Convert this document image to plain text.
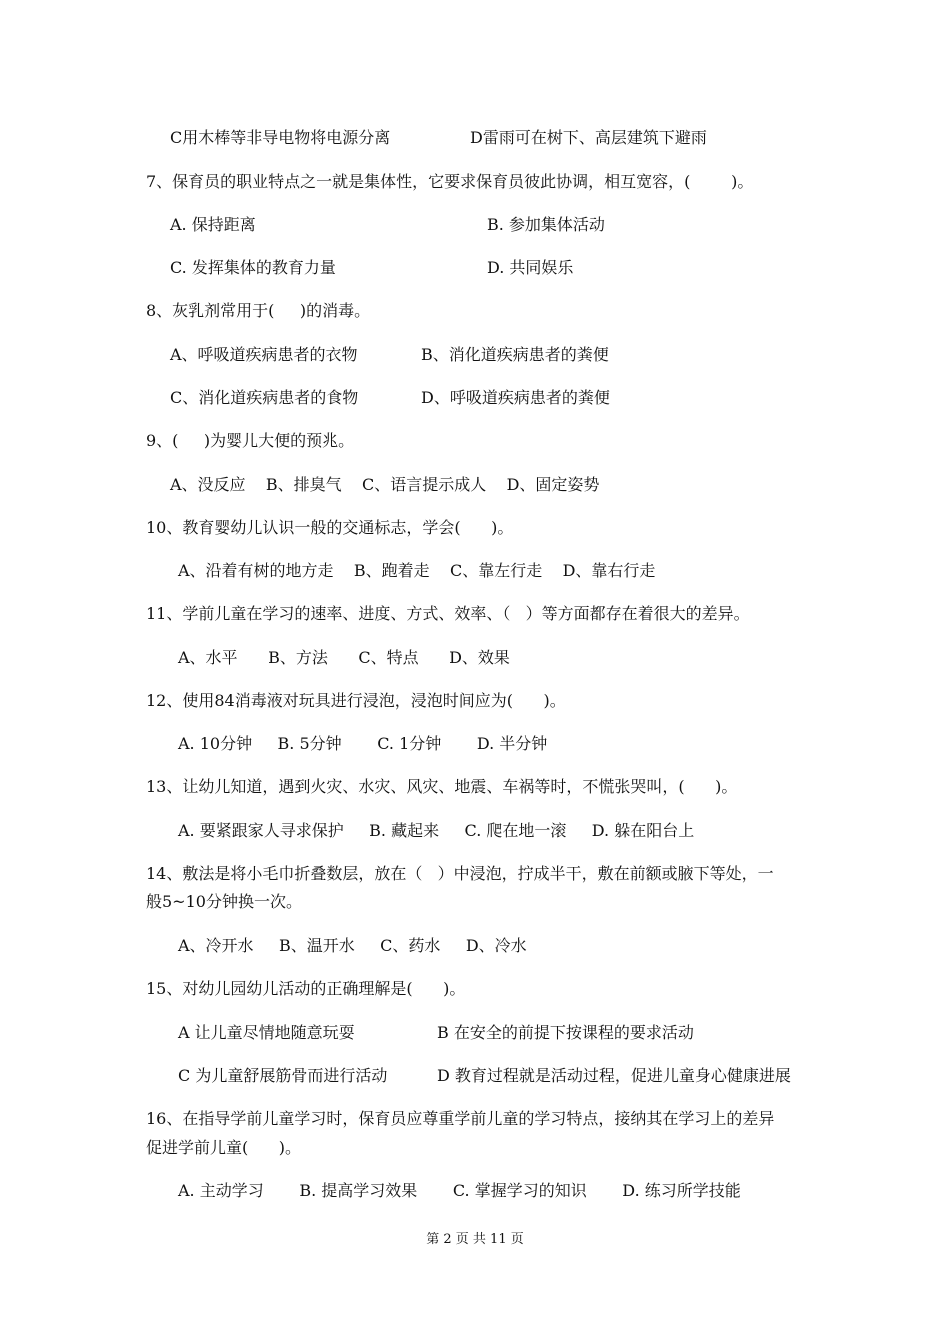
C用木棒等非导电物将电源分离	D雷雨可在树下、高层建筑下避雨
7、保育员的职业特点之一就是集体性，它要求保育员彼此协调，相互宽容，(        )。
A. 保持距离	B. 参加集体活动
C. 发挥集体的教育力量	D. 共同娱乐
8、灰乳剂常用于(     )的消毒。
A、呼吸道疾病患者的衣物	B、消化道疾病患者的粪便
C、消化道疾病患者的食物	D、呼吸道疾病患者的粪便
9、(     )为婴儿大便的预兆。
A、没反应    B、排臭气    C、语言提示成人    D、固定姿势
10、教育婴幼儿认识一般的交通标志，学会(      )。
A、沿着有树的地方走    B、跑着走    C、靠左行走    D、靠右行走
11、学前儿童在学习的速率、进度、方式、效率、（   ）等方面都存在着很大的差异。
A、水平      B、方法      C、特点      D、效果
12、使用84消毒液对玩具进行浸泡，浸泡时间应为(      )。
A. 10分钟     B. 5分钟       C. 1分钟       D. 半分钟
13、让幼儿知道，遇到火灾、水灾、风灾、地震、车祸等时，不慌张哭叫，(      )。
A. 要紧跟家人寻求保护     B. 藏起来     C. 爬在地一滚     D. 躲在阳台上
14、敷法是将小毛巾折叠数层，放在（   ）中浸泡，拧成半干，敷在前额或腋下等处，一
般5~10分钟换一次。
A、冷开水     B、温开水     C、药水     D、冷水
15、对幼儿园幼儿活动的正确理解是(      )。
A 让儿童尽情地随意玩耍	B 在安全的前提下按课程的要求活动
C 为儿童舒展筋骨而进行活动	D 教育过程就是活动过程，促进儿童身心健康进展
16、在指导学前儿童学习时，保育员应尊重学前儿童的学习特点，接纳其在学习上的差异
促进学前儿童(      )。
A. 主动学习       B. 提高学习效果       C. 掌握学习的知识       D. 练习所学技能
第 2 页 共 11 页
